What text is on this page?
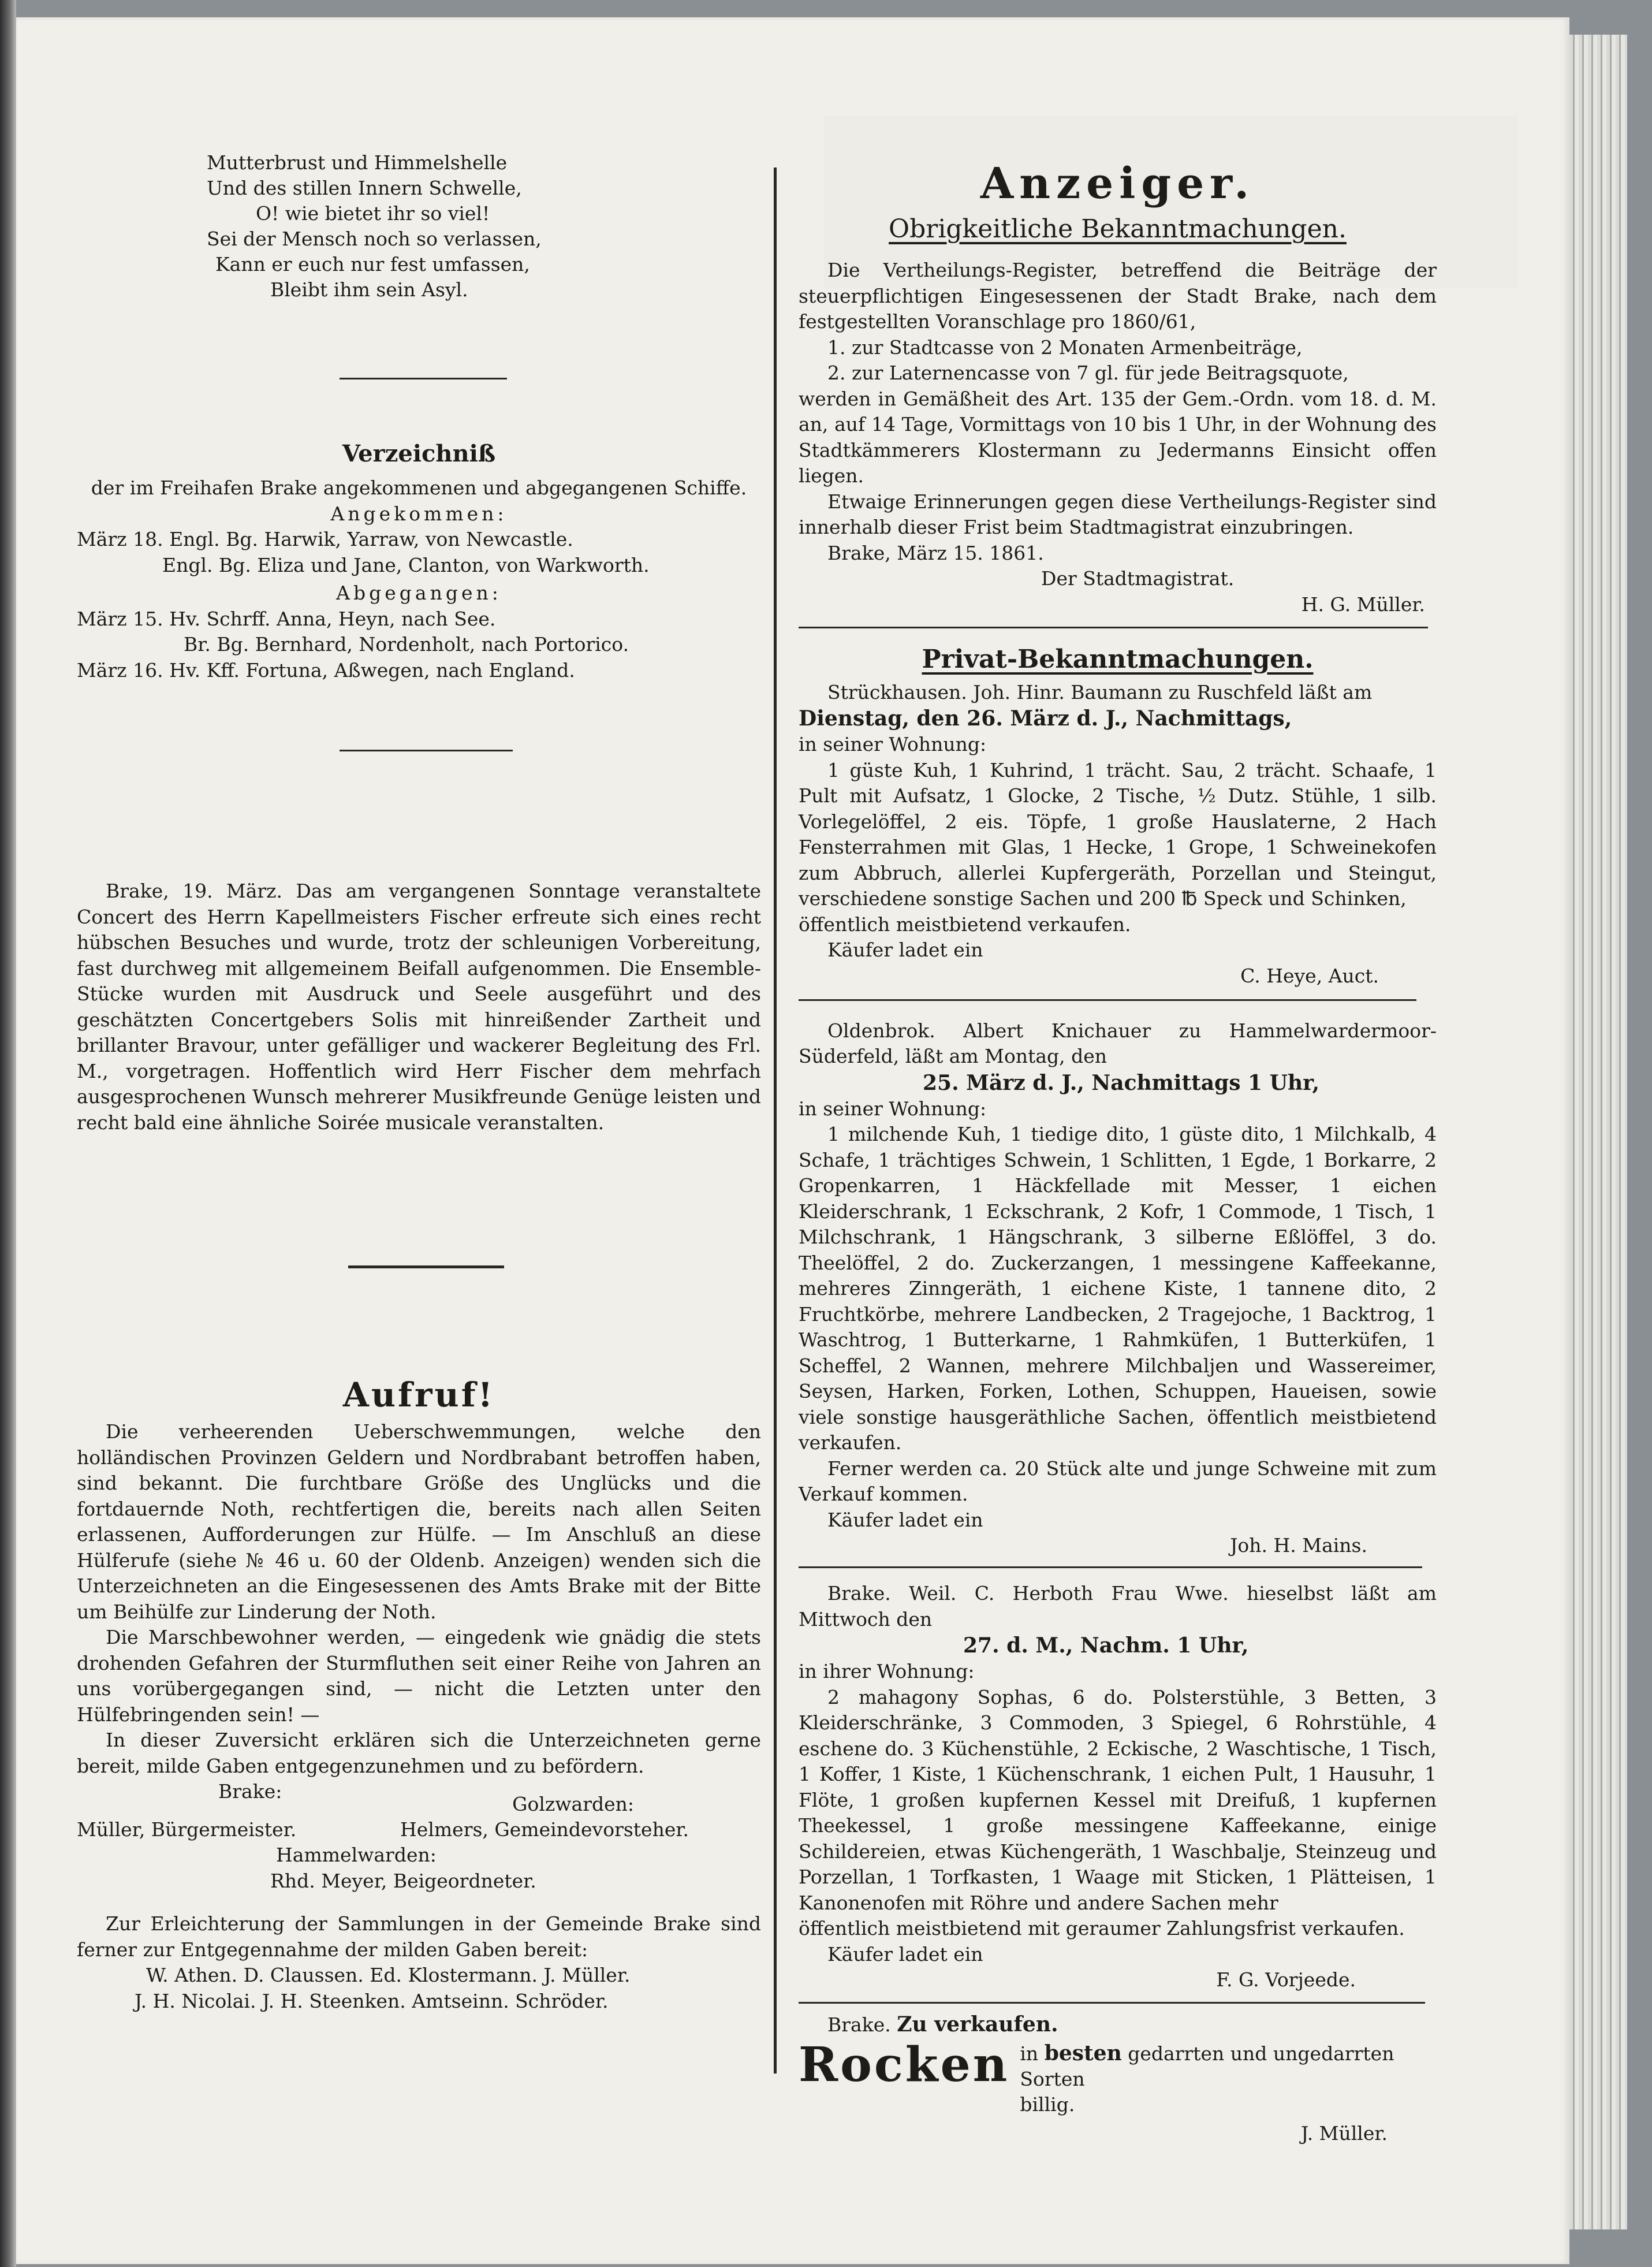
Mutterbrust und Himmelshelle
Und des stillen Innern Schwelle,
O! wie bietet ihr so viel!
Sei der Mensch noch so verlassen,
Kann er euch nur fest umfassen,
Bleibt ihm sein Asyl.
Verzeichniß
der im Freihafen Brake angekommenen und abgegangenen Schiffe.
Angekommen:
März 18. Engl. Bg. Harwik, Yarraw, von Newcastle.
Engl. Bg. Eliza und Jane, Clanton, von Warkworth.
Abgegangen:
März 15. Hv. Schrff. Anna, Heyn, nach See.
Br. Bg. Bernhard, Nordenholt, nach Portorico.
März 16. Hv. Kff. Fortuna, Aßwegen, nach England.
Brake, 19. März. Das am vergangenen Sonntage veranstaltete Concert des Herrn Kapellmeisters Fischer erfreute sich eines recht hübschen Besuches und wurde, trotz der schleunigen Vorbereitung, fast durchweg mit allgemeinem Beifall aufgenommen. Die Ensemble-Stücke wurden mit Ausdruck und Seele ausgeführt und des geschätzten Concertgebers Solis mit hinreißender Zartheit und brillanter Bravour, unter gefälliger und wackerer Begleitung des Frl. M., vorgetragen. Hoffentlich wird Herr Fischer dem mehrfach ausgesprochenen Wunsch mehrerer Musikfreunde Genüge leisten und recht bald eine ähnliche Soirée musicale veranstalten.
Aufruf!
Die verheerenden Ueberschwemmungen, welche den holländischen Provinzen Geldern und Nordbrabant betroffen haben, sind bekannt. Die furchtbare Größe des Unglücks und die fortdauernde Noth, rechtfertigen die, bereits nach allen Seiten erlassenen, Aufforderungen zur Hülfe. — Im Anschluß an diese Hülferufe (siehe № 46 u. 60 der Oldenb. Anzeigen) wenden sich die Unterzeichneten an die Eingesessenen des Amts Brake mit der Bitte um Beihülfe zur Linderung der Noth.
Die Marschbewohner werden, — eingedenk wie gnädig die stets drohenden Gefahren der Sturmfluthen seit einer Reihe von Jahren an uns vorübergegangen sind, — nicht die Letzten unter den Hülfebringenden sein! —
In dieser Zuversicht erklären sich die Unterzeichneten gerne bereit, milde Gaben entgegenzunehmen und zu befördern.
Brake:
Golzwarden:
Müller, Bürgermeister.	Helmers, Gemeindevorsteher.
Hammelwarden:
Rhd. Meyer, Beigeordneter.
Zur Erleichterung der Sammlungen in der Gemeinde Brake sind ferner zur Entgegennahme der milden Gaben bereit:
W. Athen. D. Claussen. Ed. Klostermann. J. Müller.
J. H. Nicolai. J. H. Steenken. Amtseinn. Schröder.
Anzeiger.
Obrigkeitliche Bekanntmachungen.
Die Vertheilungs-Register, betreffend die Beiträge der steuerpflichtigen Eingesessenen der Stadt Brake, nach dem festgestellten Voranschlage pro 1860/61,
1. zur Stadtcasse von 2 Monaten Armenbeiträge,
2. zur Laternencasse von 7 gl. für jede Beitragsquote,
werden in Gemäßheit des Art. 135 der Gem.-Ordn. vom 18. d. M. an, auf 14 Tage, Vormittags von 10 bis 1 Uhr, in der Wohnung des Stadtkämmerers Klostermann zu Jedermanns Einsicht offen liegen.
Etwaige Erinnerungen gegen diese Vertheilungs-Register sind innerhalb dieser Frist beim Stadtmagistrat einzubringen.
Brake, März 15. 1861.
Der Stadtmagistrat.
H. G. Müller.
Privat-Bekanntmachungen.
Strückhausen. Joh. Hinr. Baumann zu Ruschfeld läßt am
Dienstag, den 26. März d. J., Nachmittags,
in seiner Wohnung:
1 güste Kuh, 1 Kuhrind, 1 trächt. Sau, 2 trächt. Schaafe, 1 Pult mit Aufsatz, 1 Glocke, 2 Tische, ½ Dutz. Stühle, 1 silb. Vorlegelöffel, 2 eis. Töpfe, 1 große Hauslaterne, 2 Hach Fensterrahmen mit Glas, 1 Hecke, 1 Grope, 1 Schweinekofen zum Abbruch, allerlei Kupfergeräth, Porzellan und Steingut, verschiedene sonstige Sachen und 200 ℔ Speck und Schinken,
öffentlich meistbietend verkaufen.
Käufer ladet ein
C. Heye, Auct.
Oldenbrok. Albert Knichauer zu Hammelwardermoor-Süderfeld, läßt am Montag, den
25. März d. J., Nachmittags 1 Uhr,
in seiner Wohnung:
1 milchende Kuh, 1 tiedige dito, 1 güste dito, 1 Milchkalb, 4 Schafe, 1 trächtiges Schwein, 1 Schlitten, 1 Egde, 1 Borkarre, 2 Gropenkarren, 1 Häckfellade mit Messer, 1 eichen Kleiderschrank, 1 Eckschrank, 2 Kofr, 1 Commode, 1 Tisch, 1 Milchschrank, 1 Hängschrank, 3 silberne Eßlöffel, 3 do. Theelöffel, 2 do. Zuckerzangen, 1 messingene Kaffeekanne, mehreres Zinngeräth, 1 eichene Kiste, 1 tannene dito, 2 Fruchtkörbe, mehrere Landbecken, 2 Tragejoche, 1 Backtrog, 1 Waschtrog, 1 Butterkarne, 1 Rahmküfen, 1 Butterküfen, 1 Scheffel, 2 Wannen, mehrere Milchbaljen und Wassereimer, Seysen, Harken, Forken, Lothen, Schuppen, Haueisen, sowie viele sonstige hausgeräthliche Sachen, öffentlich meistbietend verkaufen.
Ferner werden ca. 20 Stück alte und junge Schweine mit zum Verkauf kommen.
Käufer ladet ein
Joh. H. Mains.
Brake. Weil. C. Herboth Frau Wwe. hieselbst läßt am Mittwoch den
27. d. M., Nachm. 1 Uhr,
in ihrer Wohnung:
2 mahagony Sophas, 6 do. Polsterstühle, 3 Betten, 3 Kleiderschränke, 3 Commoden, 3 Spiegel, 6 Rohrstühle, 4 eschene do. 3 Küchenstühle, 2 Eckische, 2 Waschtische, 1 Tisch, 1 Koffer, 1 Kiste, 1 Küchenschrank, 1 eichen Pult, 1 Hausuhr, 1 Flöte, 1 großen kupfernen Kessel mit Dreifuß, 1 kupfernen Theekessel, 1 große messingene Kaffeekanne, einige Schildereien, etwas Küchengeräth, 1 Waschbalje, Steinzeug und Porzellan, 1 Torfkasten, 1 Waage mit Sticken, 1 Plätteisen, 1 Kanonenofen mit Röhre und andere Sachen mehr
öffentlich meistbietend mit geraumer Zahlungsfrist verkaufen.
Käufer ladet ein
F. G. Vorjeede.
Brake. Zu verkaufen.
Rocken in besten gedarrten und ungedarrten Sorten
billig.
J. Müller.
